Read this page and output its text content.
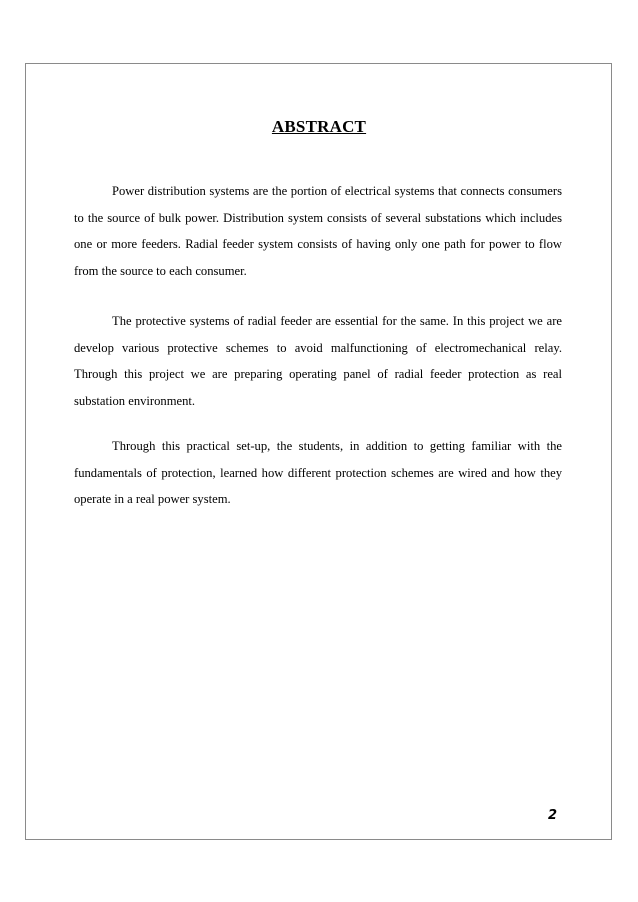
ABSTRACT

Power distribution systems are the portion of electrical systems that connects consumers to the source of bulk power. Distribution system consists of several substations which includes one or more feeders. Radial feeder system consists of having only one path for power to flow from the source to each consumer.

The protective systems of radial feeder are essential for the same. In this project we are develop various protective schemes to avoid malfunctioning of electromechanical relay. Through this project we are preparing operating panel of radial feeder protection as real substation environment.

Through this practical set-up, the students, in addition to getting familiar with the fundamentals of protection, learned how different protection schemes are wired and how they operate in a real power system.

2
